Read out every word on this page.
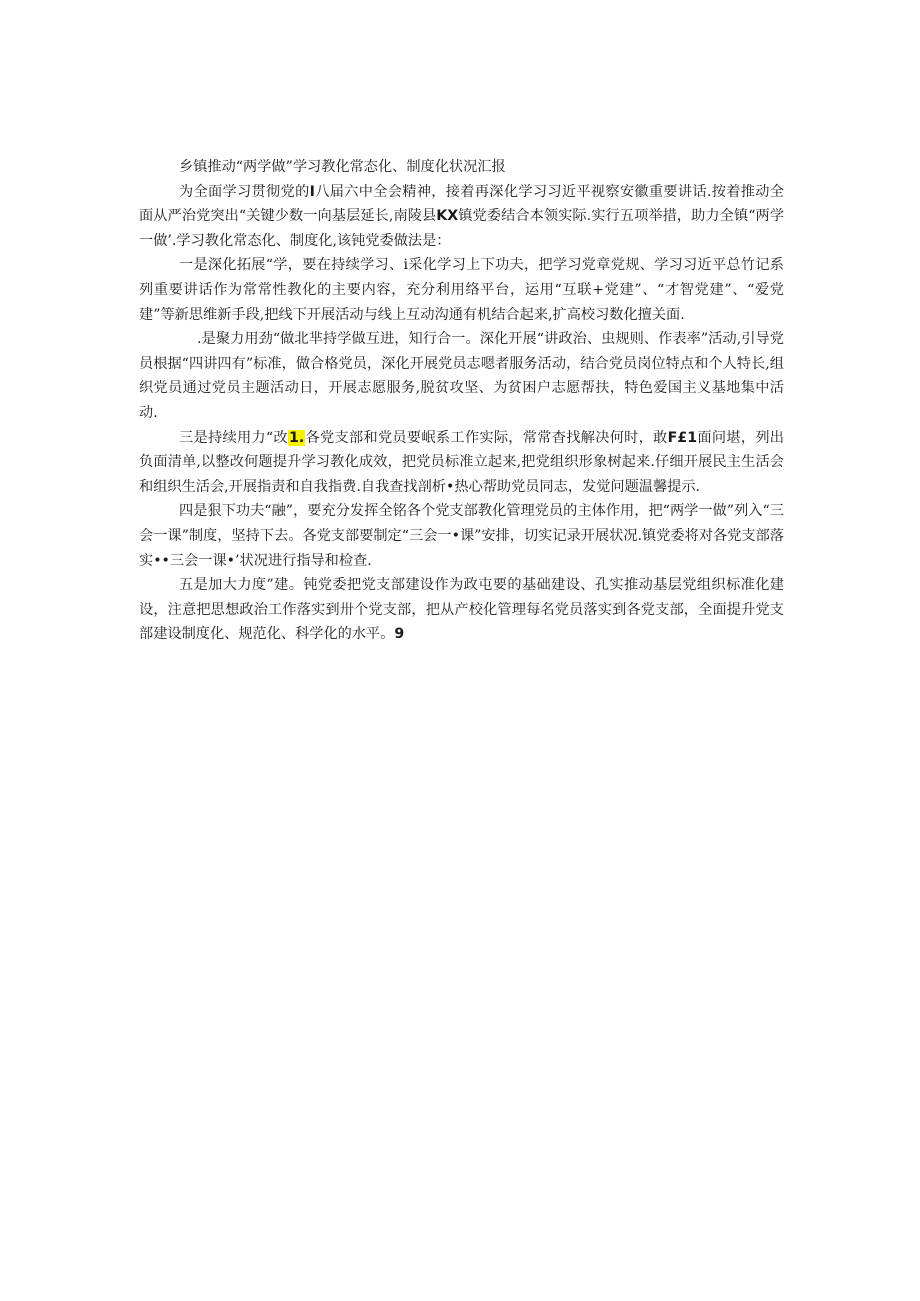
乡镇推动“两学做”学习教化常态化、制度化状况汇报

为全面学习贯彻党的I八届六中全会精神，接着再深化学习习近平视察安徽重要讲话.按着推动全面从严治党突出“关键少数一向基层延长,南陵县KX镇党委结合本领实际.实行五项举措，助力全镇“两学一做’.学习教化常态化、制度化,该钝党委做法是：

一是深化拓展“学，要在持续学习、i采化学习上下功夫，把学习党章党规、学习习近平总竹记系列重要讲话作为常常性教化的主要内容，充分利用络平台，运用“互联+党建”、“才智党建”、“爱党建”等新思维新手段,把线下开展活动与线上互动沟通有机结合起来,扩高校习数化擅关面.

.是聚力用劲“做北芈持学做互进，知行合一。深化开展“讲政治、虫规则、作表率”活动,引导党员根据“四讲四有”标准，做合格党员，深化开展党员志嗯者服务活动，结合党员岗位特点和个人特长,组织党员通过党员主题活动日，开展志愿服务,脱贫攻坚、为贫困户志愿帮扶，特色爱国主义基地集中活动.

三是持续用力“改1.各党支部和党员要岷系工作实际，常常杳找解决何时，敢F£1面问堪，列出负面清单,以整改何题提升学习教化成效，把党员标准立起来,把党组织形象树起来.仔细开展民主生活会和组织生活会,开展指责和自我指费.自我查找剖析•热心帮助党员同志，发觉问题温馨提示.

四是狠下功夫“融”，要充分发挥全铭各个党支部教化管理党员的主体作用，把“两学一做”列入“三会一课”制度，坚持下去。各党支部要制定“三会一•课”安排，切实记录开展状况.镇党委将对各党支部落实••三会一课•’状况进行指导和检查.

五是加大力度”建。钝党委把党支部建设作为政屯要的基础建设、孔实推动基层党组织标准化建设，注意把思想政治工作落实到卅个党支部，把从产校化管理每名党员落实到各党支部，全面提升党支部建设制度化、规范化、科学化的水平。9
